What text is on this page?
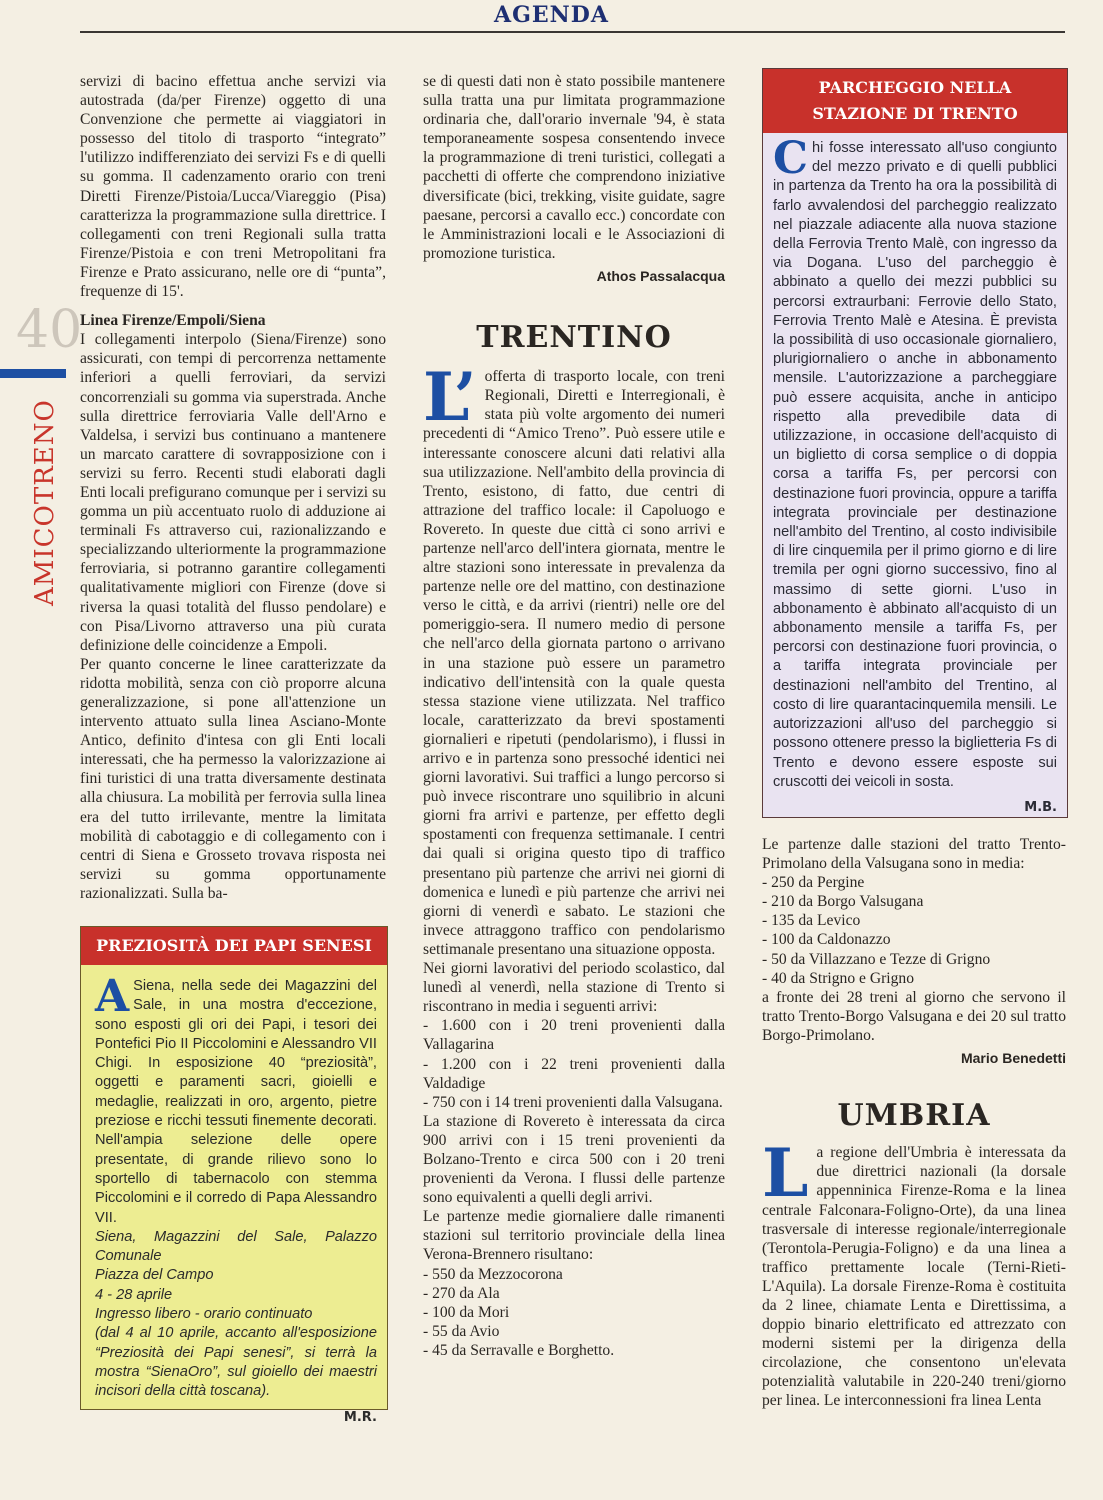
AGENDA
40
AMICOTRENO

servizi di bacino effettua anche servizi via autostrada (da/per Firenze) oggetto di una Convenzione che permette ai viaggiatori in possesso del titolo di trasporto “integrato” l'utilizzo indifferenziato dei servizi Fs e di quelli su gomma. Il cadenzamento orario con treni Diretti Firenze/Pistoia/Lucca/Viareggio (Pisa) caratterizza la programmazione sulla direttrice. I collegamenti con treni Regionali sulla tratta Firenze/Pistoia e con treni Metropolitani fra Firenze e Prato assicurano, nelle ore di “punta”, frequenze di 15'.

Linea Firenze/Empoli/Siena

I collegamenti interpolo (Siena/Firenze) sono assicurati, con tempi di percorrenza nettamente inferiori a quelli ferroviari, da servizi concorrenziali su gomma via superstrada. Anche sulla direttrice ferroviaria Valle dell'Arno e Valdelsa, i servizi bus continuano a mantenere un marcato carattere di sovrapposizione con i servizi su ferro. Recenti studi elaborati dagli Enti locali prefigurano comunque per i servizi su gomma un più accentuato ruolo di adduzione ai terminali Fs attraverso cui, razionalizzando e specializzando ulteriormente la programmazione ferroviaria, si potranno garantire collegamenti qualitativamente migliori con Firenze (dove si riversa la quasi totalità del flusso pendolare) e con Pisa/Livorno attraverso una più curata definizione delle coincidenze a Empoli.

Per quanto concerne le linee caratterizzate da ridotta mobilità, senza con ciò proporre alcuna generalizzazione, si pone all'attenzione un intervento attuato sulla linea Asciano-Monte Antico, definito d'intesa con gli Enti locali interessati, che ha permesso la valorizzazione ai fini turistici di una tratta diversamente destinata alla chiusura. La mobilità per ferrovia sulla linea era del tutto irrilevante, mentre la limitata mobilità di cabotaggio e di collegamento con i centri di Siena e Grosseto trovava risposta nei servizi su gomma opportunamente razionalizzati. Sulla ba-

PREZIOSITÀ DEI PAPI SENESI
A Siena, nella sede dei Magazzini del Sale, in una mostra d'eccezione, sono esposti gli ori dei Papi, i tesori dei Pontefici Pio II Piccolomini e Alessandro VII Chigi. In esposizione 40 “preziosità”, oggetti e paramenti sacri, gioielli e medaglie, realizzati in oro, argento, pietre preziose e ricchi tessuti finemente decorati. Nell'ampia selezione delle opere presentate, di grande rilievo sono lo sportello di tabernacolo con stemma Piccolomini e il corredo di Papa Alessandro VII.
Siena, Magazzini del Sale, Palazzo Comunale
Piazza del Campo
4 - 28 aprile
Ingresso libero - orario continuato
(dal 4 al 10 aprile, accanto all'esposizione “Preziosità dei Papi senesi”, si terrà la mostra “SienaOro”, sul gioiello dei maestri incisori della città toscana).
M.R.

se di questi dati non è stato possibile mantenere sulla tratta una pur limitata programmazione ordinaria che, dall'orario invernale '94, è stata temporaneamente sospesa consentendo invece la programmazione di treni turistici, collegati a pacchetti di offerte che comprendono iniziative diversificate (bici, trekking, visite guidate, sagre paesane, percorsi a cavallo ecc.) concordate con le Amministrazioni locali e le Associazioni di promozione turistica.

Athos Passalacqua

TRENTINO

L’ offerta di trasporto locale, con treni Regionali, Diretti e Interregionali, è stata più volte argomento dei numeri precedenti di “Amico Treno”. Può essere utile e interessante conoscere alcuni dati relativi alla sua utilizzazione. Nell'ambito della provincia di Trento, esistono, di fatto, due centri di attrazione del traffico locale: il Capoluogo e Rovereto. In queste due città ci sono arrivi e partenze nell'arco dell'intera giornata, mentre le altre stazioni sono interessate in prevalenza da partenze nelle ore del mattino, con destinazione verso le città, e da arrivi (rientri) nelle ore del pomeriggio-sera. Il numero medio di persone che nell'arco della giornata partono o arrivano in una stazione può essere un parametro indicativo dell'intensità con la quale questa stessa stazione viene utilizzata. Nel traffico locale, caratterizzato da brevi spostamenti giornalieri e ripetuti (pendolarismo), i flussi in arrivo e in partenza sono pressoché identici nei giorni lavorativi. Sui traffici a lungo percorso si può invece riscontrare uno squilibrio in alcuni giorni fra arrivi e partenze, per effetto degli spostamenti con frequenza settimanale. I centri dai quali si origina questo tipo di traffico presentano più partenze che arrivi nei giorni di domenica e lunedì e più partenze che arrivi nei giorni di venerdì e sabato. Le stazioni che invece attraggono traffico con pendolarismo settimanale presentano una situazione opposta.

Nei giorni lavorativi del periodo scolastico, dal lunedì al venerdì, nella stazione di Trento si riscontrano in media i seguenti arrivi:

- 1.600 con i 20 treni provenienti dalla Vallagarina
- 1.200 con i 22 treni provenienti dalla Valdadige
- 750 con i 14 treni provenienti dalla Valsugana.

La stazione di Rovereto è interessata da circa 900 arrivi con i 15 treni provenienti da Bolzano-Trento e circa 500 con i 20 treni provenienti da Verona. I flussi delle partenze sono equivalenti a quelli degli arrivi.

Le partenze medie giornaliere dalle rimanenti stazioni sul territorio provinciale della linea Verona-Brennero risultano:

- 550 da Mezzocorona
- 270 da Ala
- 100 da Mori
- 55 da Avio
- 45 da Serravalle e Borghetto.
PARCHEGGIO NELLA STAZIONE DI TRENTO
C hi fosse interessato all'uso congiunto del mezzo privato e di quelli pubblici in partenza da Trento ha ora la possibilità di farlo avvalendosi del parcheggio realizzato nel piazzale adiacente alla nuova stazione della Ferrovia Trento Malè, con ingresso da via Dogana. L'uso del parcheggio è abbinato a quello dei mezzi pubblici su percorsi extraurbani: Ferrovie dello Stato, Ferrovia Trento Malè e Atesina. È prevista la possibilità di uso occasionale giornaliero, plurigiornaliero o anche in abbonamento mensile. L'autorizzazione a parcheggiare può essere acquisita, anche in anticipo rispetto alla prevedibile data di utilizzazione, in occasione dell'acquisto di un biglietto di corsa semplice o di doppia corsa a tariffa Fs, per percorsi con destinazione fuori provincia, oppure a tariffa integrata provinciale per destinazione nell'ambito del Trentino, al costo indivisibile di lire cinquemila per il primo giorno e di lire tremila per ogni giorno successivo, fino al massimo di sette giorni. L'uso in abbonamento è abbinato all'acquisto di un abbonamento mensile a tariffa Fs, per percorsi con destinazione fuori provincia, o a tariffa integrata provinciale per destinazioni nell'ambito del Trentino, al costo di lire quarantacinquemila mensili. Le autorizzazioni all'uso del parcheggio si possono ottenere presso la biglietteria Fs di Trento e devono essere esposte sui cruscotti dei veicoli in sosta.
M.B.

Le partenze dalle stazioni del tratto Trento-Primolano della Valsugana sono in media:

- 250 da Pergine
- 210 da Borgo Valsugana
- 135 da Levico
- 100 da Caldonazzo
- 50 da Villazzano e Tezze di Grigno
- 40 da Strigno e Grigno

a fronte dei 28 treni al giorno che servono il tratto Trento-Borgo Valsugana e dei 20 sul tratto Borgo-Primolano.

Mario Benedetti

UMBRIA

L a regione dell'Umbria è interessata da due direttrici nazionali (la dorsale appenninica Firenze-Roma e la linea centrale Falconara-Foligno-Orte), da una linea trasversale di interesse regionale/interregionale (Terontola-Perugia-Foligno) e da una linea a traffico prettamente locale (Terni-Rieti-L'Aquila). La dorsale Firenze-Roma è costituita da 2 linee, chiamate Lenta e Direttissima, a doppio binario elettrificato ed attrezzato con moderni sistemi per la dirigenza della circolazione, che consentono un'elevata potenzialità valutabile in 220-240 treni/giorno per linea. Le interconnessioni fra linea Lenta
